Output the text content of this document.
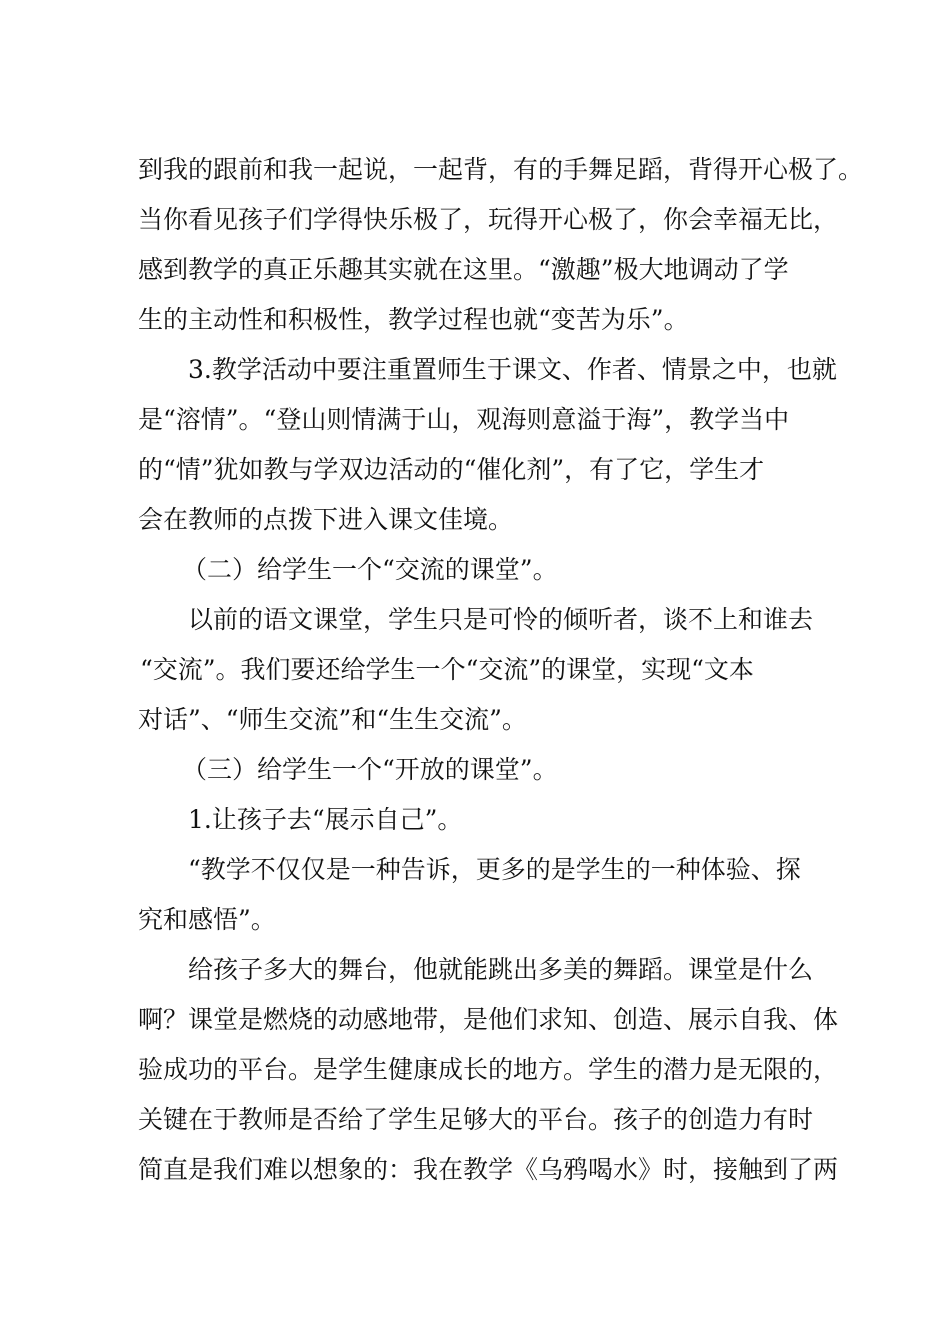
到我的跟前和我一起说，一起背，有的手舞足蹈，背得开心极了。
当你看见孩子们学得快乐极了，玩得开心极了，你会幸福无比，
感到教学的真正乐趣其实就在这里。“激趣”极大地调动了学
生的主动性和积极性，教学过程也就“变苦为乐”。
3.教学活动中要注重置师生于课文、作者、情景之中，也就
是“溶情”。“登山则情满于山，观海则意溢于海”，教学当中
的“情”犹如教与学双边活动的“催化剂”，有了它，学生才
会在教师的点拨下进入课文佳境。
（二）给学生一个“交流的课堂”。
以前的语文课堂，学生只是可怜的倾听者，谈不上和谁去
“交流”。我们要还给学生一个“交流”的课堂，实现“文本
对话”、“师生交流”和“生生交流”。
（三）给学生一个“开放的课堂”。
1.让孩子去“展示自己”。
“教学不仅仅是一种告诉，更多的是学生的一种体验、探
究和感悟”。
给孩子多大的舞台，他就能跳出多美的舞蹈。课堂是什么
啊？课堂是燃烧的动感地带，是他们求知、创造、展示自我、体
验成功的平台。是学生健康成长的地方。学生的潜力是无限的，
关键在于教师是否给了学生足够大的平台。孩子的创造力有时
简直是我们难以想象的：我在教学《乌鸦喝水》时，接触到了两
